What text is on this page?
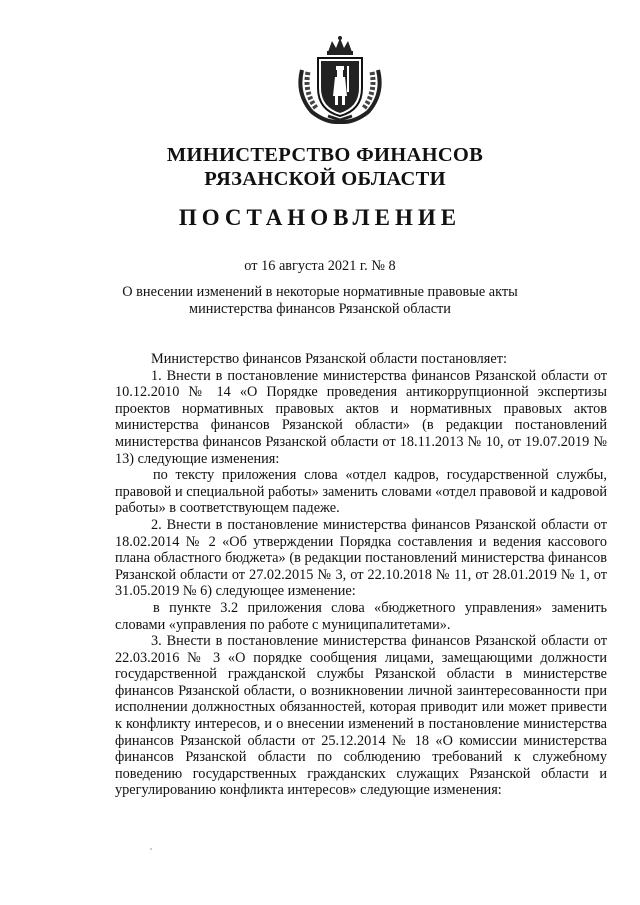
МИНИСТЕРСТВО ФИНАНСОВ
РЯЗАНСКОЙ ОБЛАСТИ
ПОСТАНОВЛЕНИЕ
от 16 августа 2021 г. № 8
О внесении изменений в некоторые нормативные правовые акты
министерства финансов Рязанской области

Министерство финансов Рязанской области постановляет:

1. Внести в постановление министерства финансов Рязанской области от 10.12.2010 № 14 «О Порядке проведения антикоррупционной экспертизы проектов нормативных правовых актов и нормативных правовых актов министерства финансов Рязанской области» (в редакции постановлений министерства финансов Рязанской области от 18.11.2013 № 10, от 19.07.2019 № 13) следующие изменения:

по тексту приложения слова «отдел кадров, государственной службы, правовой и специальной работы» заменить словами «отдел правовой и кадровой работы» в соответствующем падеже.

2. Внести в постановление министерства финансов Рязанской области от 18.02.2014 № 2 «Об утверждении Порядка составления и ведения кассового плана областного бюджета» (в редакции постановлений министерства финансов Рязанской области от 27.02.2015 № 3, от 22.10.2018 № 11, от 28.01.2019 № 1, от 31.05.2019 № 6) следующее изменение:

в пункте 3.2 приложения слова «бюджетного управления» заменить словами «управления по работе с муниципалитетами».

3. Внести в постановление министерства финансов Рязанской области от 22.03.2016 № 3 «О порядке сообщения лицами, замещающими должности государственной гражданской службы Рязанской области в министерстве финансов Рязанской области, о возникновении личной заинтересованности при исполнении должностных обязанностей, которая приводит или может привести к конфликту интересов, и о внесении изменений в постановление министерства финансов Рязанской области от 25.12.2014 № 18 «О комиссии министерства финансов Рязанской области по соблюдению требований к служебному поведению государственных гражданских служащих Рязанской области и урегулированию конфликта интересов» следующие изменения:
